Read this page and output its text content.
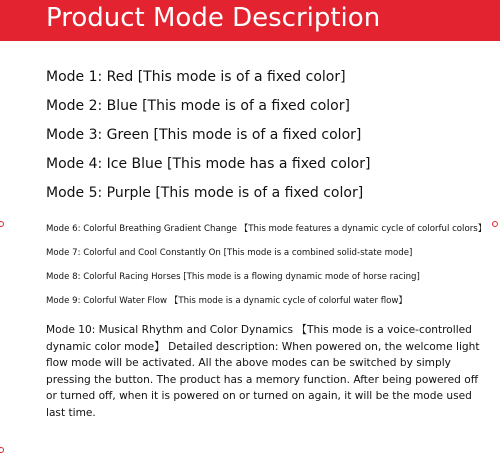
Product Mode Description
Mode 1: Red [This mode is of a fixed color]
Mode 2: Blue [This mode is of a fixed color]
Mode 3: Green [This mode is of a fixed color]
Mode 4: Ice Blue [This mode has a fixed color]
Mode 5: Purple [This mode is of a fixed color]
Mode 6: Colorful Breathing Gradient Change 【This mode features a dynamic cycle of colorful colors】
Mode 7: Colorful and Cool Constantly On [This mode is a combined solid-state mode]
Mode 8: Colorful Racing Horses [This mode is a flowing dynamic mode of horse racing]
Mode 9: Colorful Water Flow 【This mode is a dynamic cycle of colorful water flow】
Mode 10: Musical Rhythm and Color Dynamics 【This mode is a voice-controlled dynamic color mode】 Detailed description: When powered on, the welcome light flow mode will be activated. All the above modes can be switched by simply pressing the button. The product has a memory function. After being powered off or turned off, when it is powered on or turned on again, it will be the mode used last time.
